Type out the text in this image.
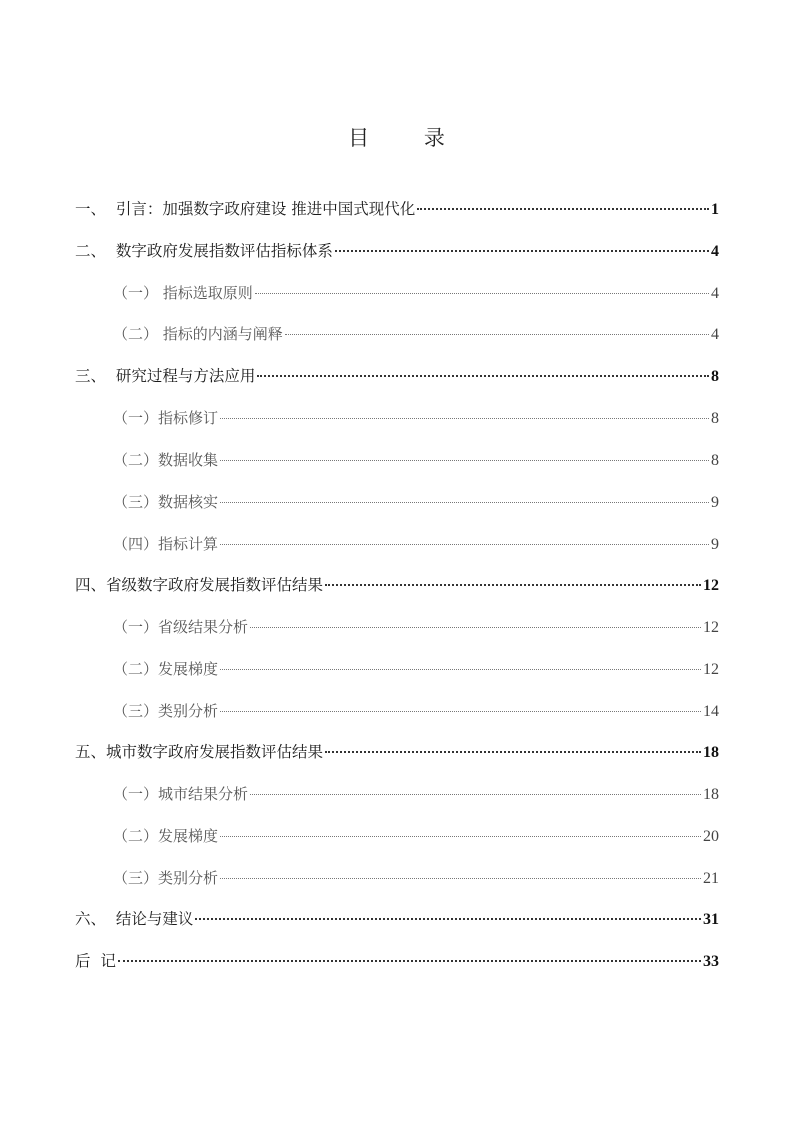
目 录
一、 引言：加强数字政府建设 推进中国式现代化	1
二、 数字政府发展指数评估指标体系	4
（一） 指标选取原则	4
（二） 指标的内涵与阐释	4
三、 研究过程与方法应用	8
（一） 指标修订	8
（二） 数据收集	8
（三） 数据核实	9
（四） 指标计算	9
四、 省级数字政府发展指数评估结果	12
（一） 省级结果分析	12
（二） 发展梯度	12
（三） 类别分析	14
五、 城市数字政府发展指数评估结果	18
（一） 城市结果分析	18
（二） 发展梯度	20
（三） 类别分析	21
六、 结论与建议	31
后 记	33
